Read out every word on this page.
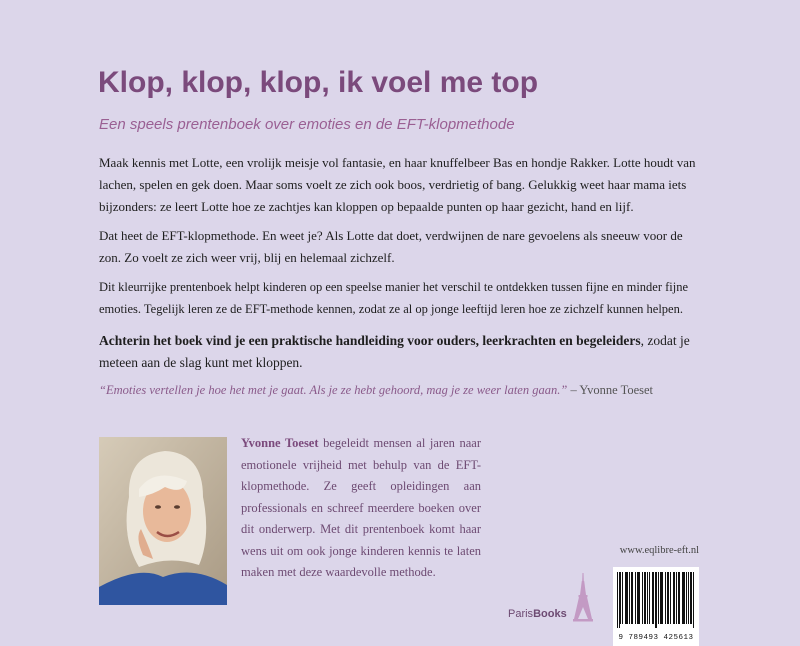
Klop, klop, klop, ik voel me top
Een speels prentenboek over emoties en de EFT-klopmethode

Maak kennis met Lotte, een vrolijk meisje vol fantasie, en haar knuffelbeer Bas en hondje Rakker. Lotte houdt van lachen, spelen en gek doen. Maar soms voelt ze zich ook boos, verdrietig of bang. Gelukkig weet haar mama iets bijzonders: ze leert Lotte hoe ze zachtjes kan kloppen op bepaalde punten op haar gezicht, hand en lijf.

Dat heet de EFT-klopmethode. En weet je? Als Lotte dat doet, verdwijnen de nare gevoelens als sneeuw voor de zon. Zo voelt ze zich weer vrij, blij en helemaal zichzelf.

Dit kleurrijke prentenboek helpt kinderen op een speelse manier het verschil te ontdekken tussen fijne en minder fijne emoties. Tegelijk leren ze de EFT-methode kennen, zodat ze al op jonge leeftijd leren hoe ze zichzelf kunnen helpen.

Achterin het boek vind je een praktische handleiding voor ouders, leerkrachten en begeleiders, zodat je meteen aan de slag kunt met kloppen.

“Emoties vertellen je hoe het met je gaat. Als je ze hebt gehoord, mag je ze weer laten gaan.” – Yvonne Toeset

Yvonne Toeset begeleidt mensen al jaren naar emotionele vrijheid met behulp van de EFT-klopmethode. Ze geeft opleidingen aan professionals en schreef meerdere boeken over dit onderwerp. Met dit prentenboek komt haar wens uit om ook jonge kinderen kennis te laten maken met deze waardevolle methode.

www.eqlibre-eft.nl
ParisBooks
9 789493 425613
